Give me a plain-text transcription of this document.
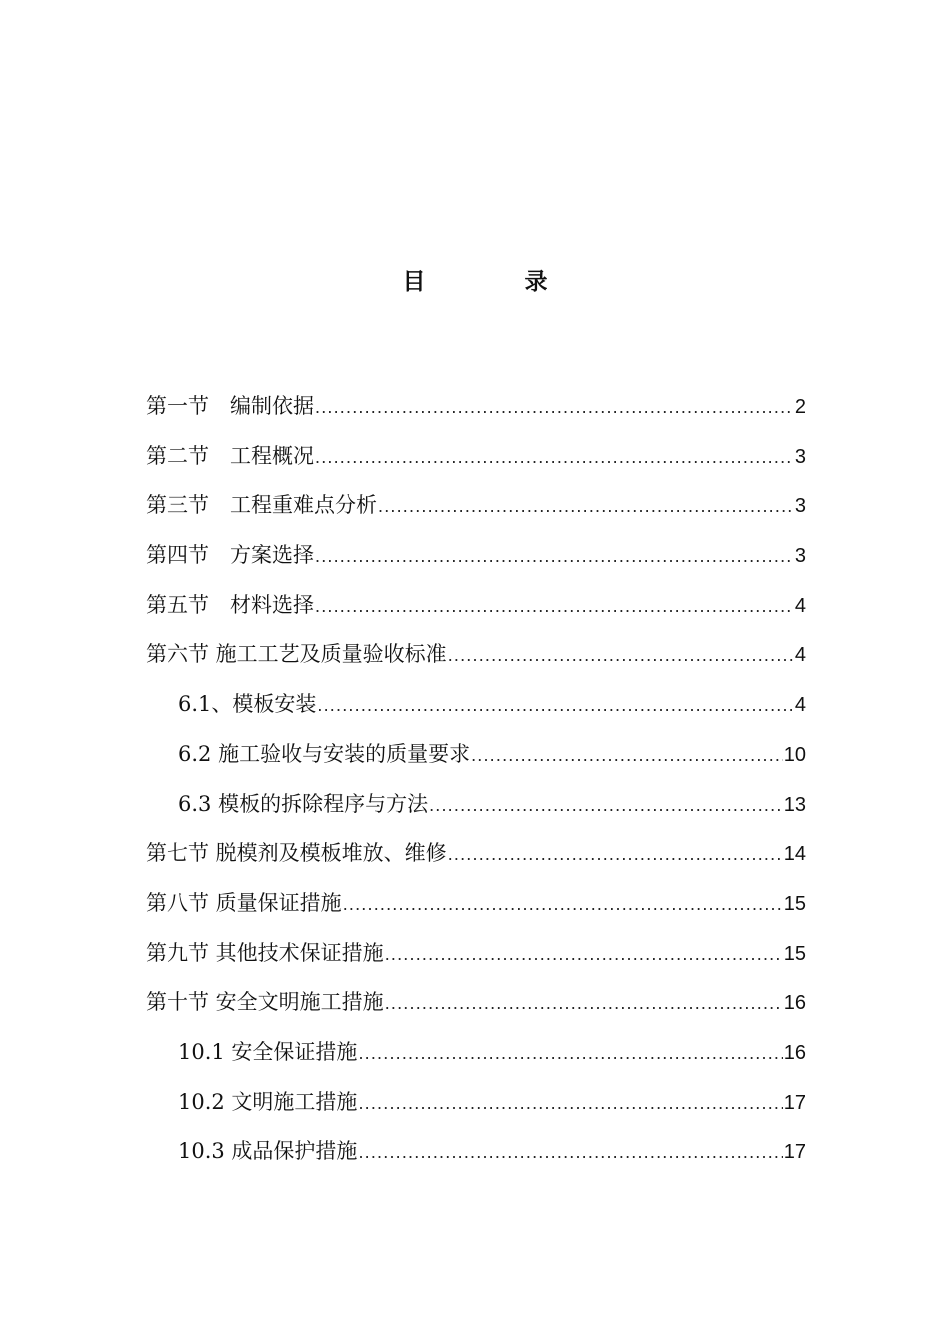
目　录
第一节　编制依据 .....	2
第二节　工程概况 .....	3
第三节　工程重难点分析 .....	3
第四节　方案选择 .....	3
第五节　材料选择 .....	4
第六节 施工工艺及质量验收标准 .....	4
6.1、模板安装 .....	4
6.2 施工验收与安装的质量要求 .....	10
6.3 模板的拆除程序与方法 .....	13
第七节 脱模剂及模板堆放、维修 .....	14
第八节 质量保证措施 .....	15
第九节 其他技术保证措施 .....	15
第十节 安全文明施工措施 .....	16
10.1 安全保证措施 .....	16
10.2 文明施工措施 .....	17
10.3 成品保护措施 .....	17
